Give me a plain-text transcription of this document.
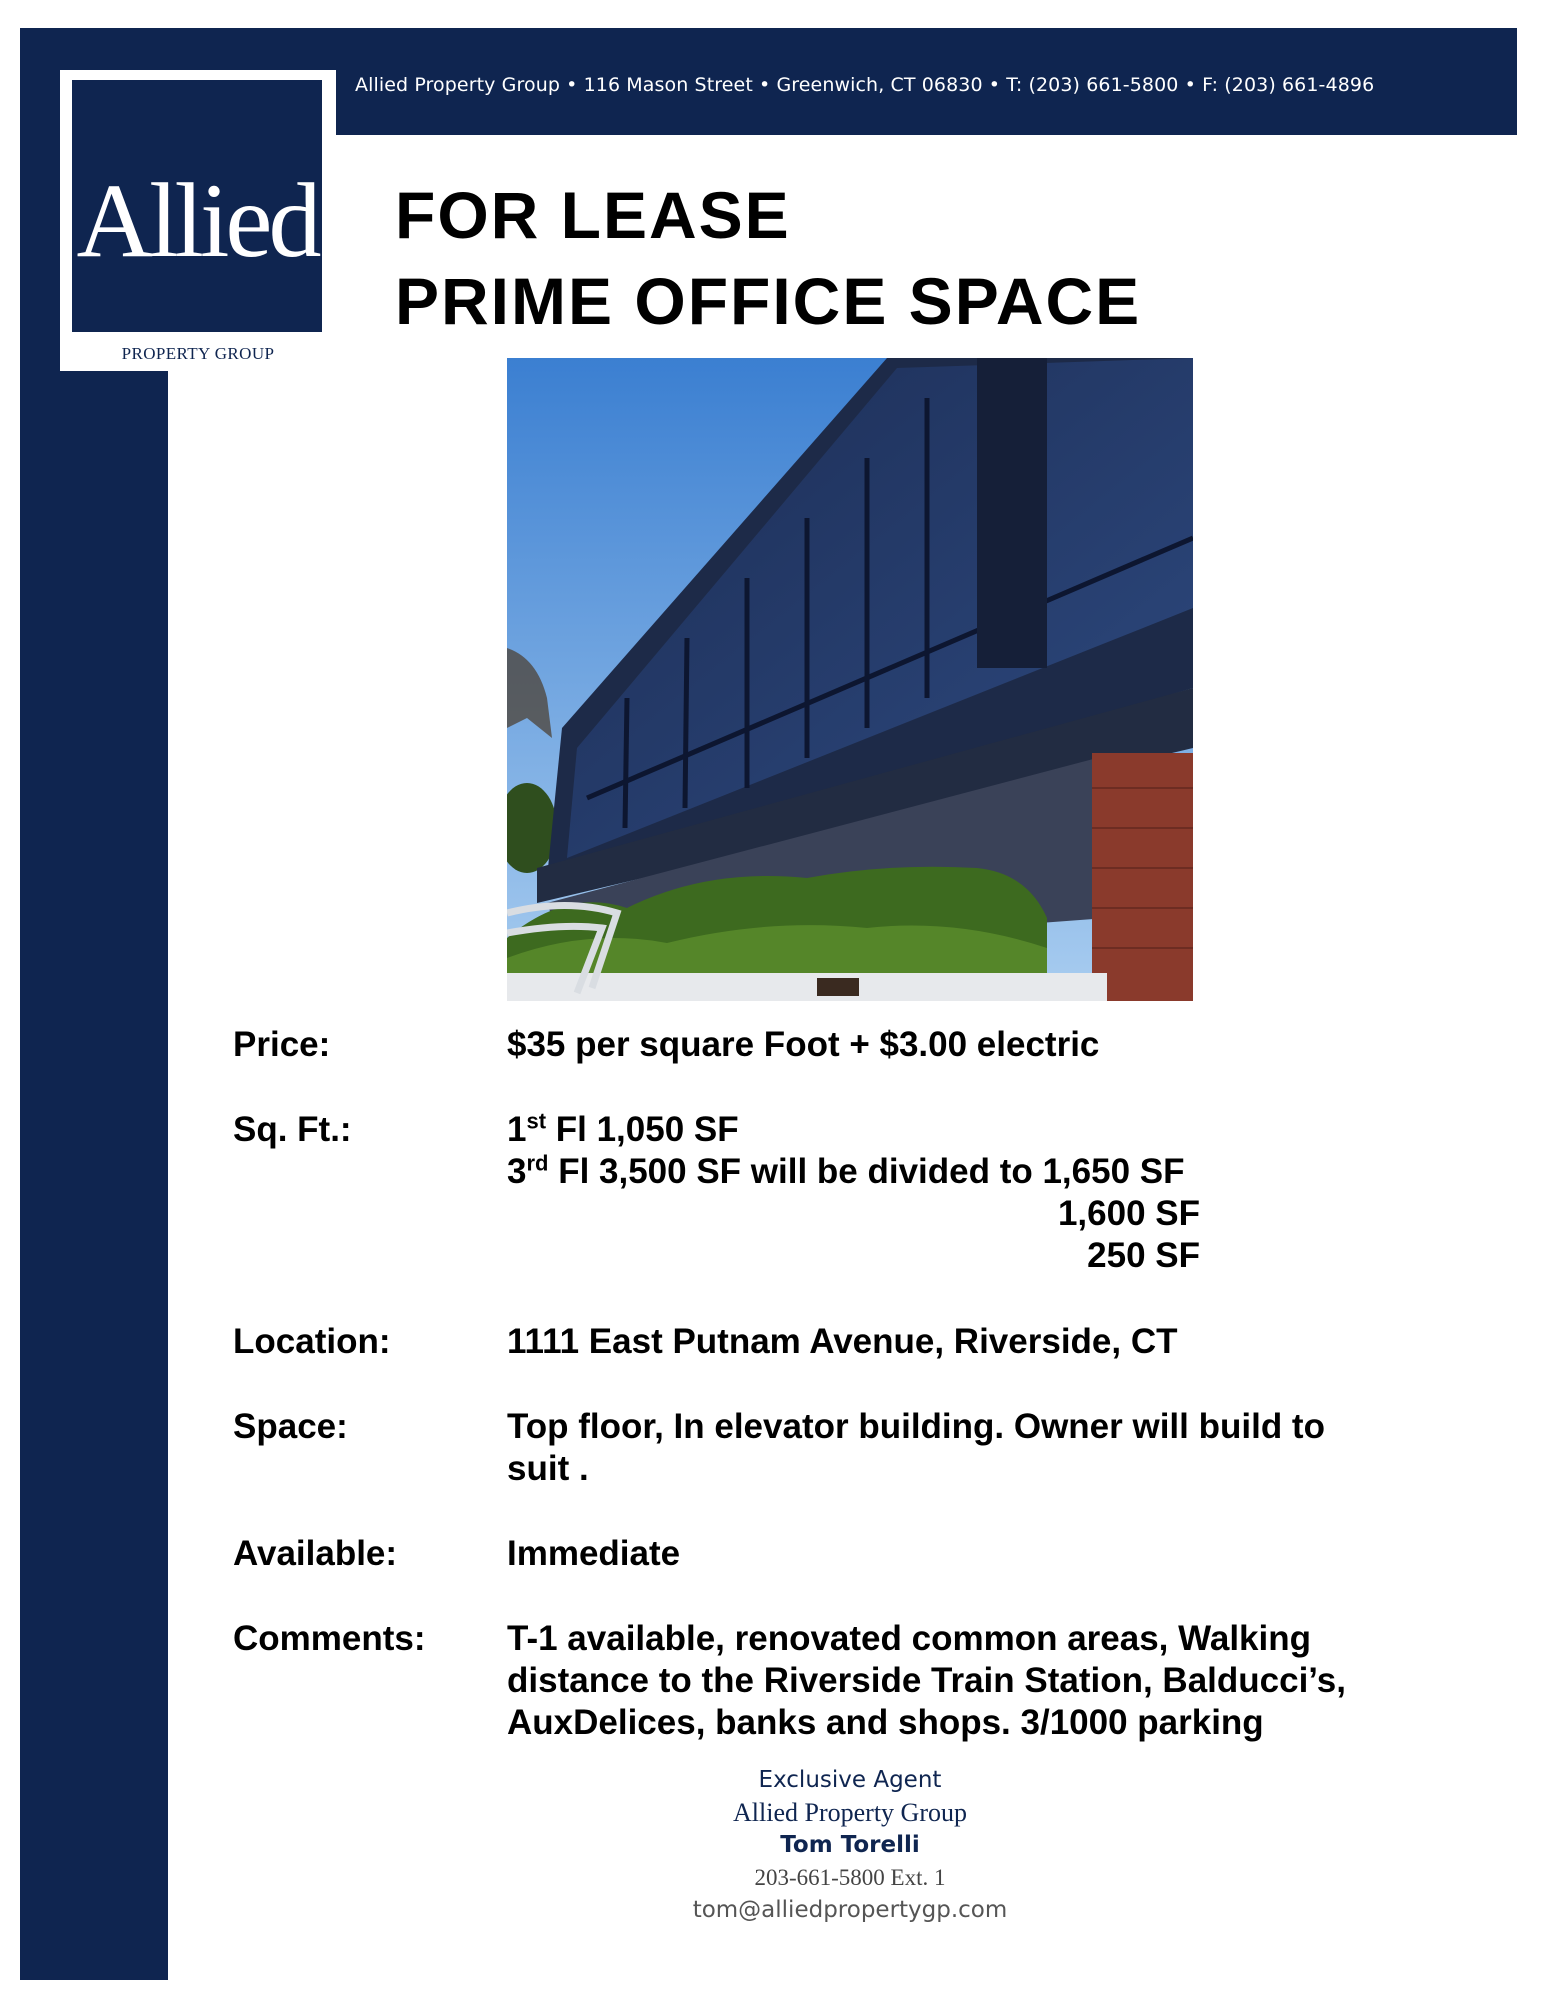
Allied Property Group • 116 Mason Street • Greenwich, CT 06830 • T: (203) 661-5800 • F: (203) 661-4896
Allied
PROPERTY GROUP
FOR LEASE
PRIME OFFICE SPACE
Price:	$35 per square Foot + $3.00 electric
Sq. Ft.:	1st Fl 1,050 SF
3rd Fl 3,500 SF will be divided to 1,650 SF
1,600 SF
250 SF
Location:	1111 East Putnam Avenue, Riverside, CT
Space:	Top floor, In elevator building. Owner will build to
suit .
Available:	Immediate
Comments: T-1 available, renovated common areas, Walking
distance to the Riverside Train Station, Balducci’s,
AuxDelices, banks and shops. 3/1000 parking
Exclusive Agent
Allied Property Group
Tom Torelli
203-661-5800 Ext. 1
tom@alliedpropertygp.com
